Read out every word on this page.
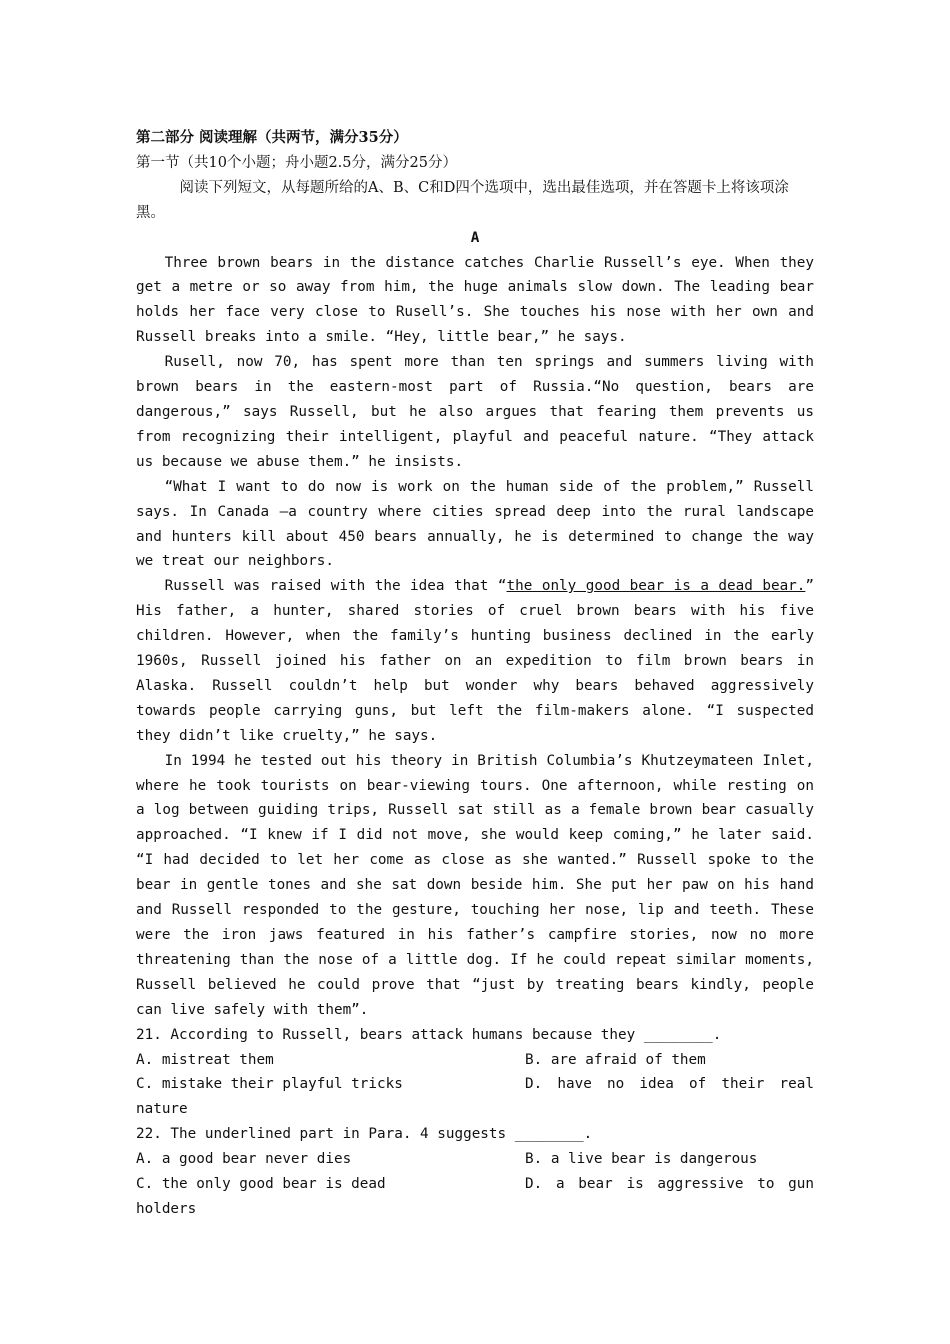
第二部分 阅读理解（共两节，满分35分）
第一节（共10个小题；舟小题2.5分，满分25分）

阅读下列短文，从每题所给的A、B、C和D四个选项中，选出最佳选项，并在答题卡上将该项涂黑。

A

Three brown bears in the distance catches Charlie Russell’s eye. When they get a metre or so away from him, the huge animals slow down. The leading bear holds her face very close to Rusell’s. She touches his nose with her own and Russell breaks into a smile. “Hey, little bear,” he says.

Rusell, now 70, has spent more than ten springs and summers living with brown bears in the eastern-most part of Russia.“No question, bears are dangerous,” says Russell, but he also argues that fearing them prevents us from recognizing their intelligent, playful and peaceful nature. “They attack us because we abuse them.” he insists.

“What I want to do now is work on the human side of the problem,” Russell says. In Canada —a country where cities spread deep into the rural landscape and hunters kill about 450 bears annually, he is determined to change the way we treat our neighbors.

Russell was raised with the idea that “the only good bear is a dead bear.” His father, a hunter, shared stories of cruel brown bears with his five children. However, when the family’s hunting business declined in the early 1960s, Russell joined his father on an expedition to film brown bears in Alaska. Russell couldn’t help but wonder why bears behaved aggressively towards people carrying guns, but left the film-makers alone. “I suspected they didn’t like cruelty,” he says.

In 1994 he tested out his theory in British Columbia’s Khutzeymateen Inlet, where he took tourists on bear-viewing tours. One afternoon, while resting on a log between guiding trips, Russell sat still as a female brown bear casually approached. “I knew if I did not move, she would keep coming,” he later said. “I had decided to let her come as close as she wanted.” Russell spoke to the bear in gentle tones and she sat down beside him. She put her paw on his hand and Russell responded to the gesture, touching her nose, lip and teeth. These were the iron jaws featured in his father’s campfire stories, now no more threatening than the nose of a little dog. If he could repeat similar moments, Russell believed he could prove that “just by treating bears kindly, people can live safely with them”.

21. According to Russell, bears attack humans because they ________.
A. mistreat them	B. are afraid of them
C. mistake their playful tricks	D. have no idea of their real
nature
22. The underlined part in Para. 4 suggests ________.
A. a good bear never dies	B. a live bear is dangerous
C. the only good bear is dead	D. a bear is aggressive to gun
holders
